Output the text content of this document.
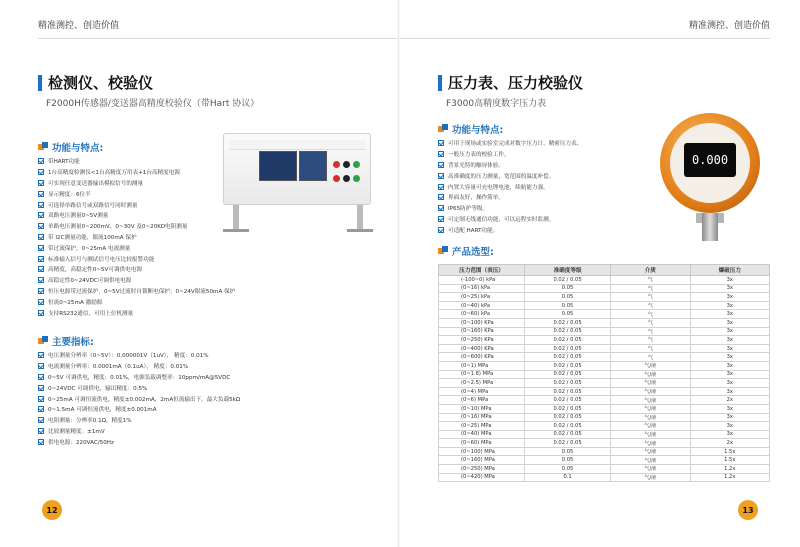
精准测控、创造价值
检测仪、校验仪
F2000H传感器/变送器高精度校验仪（带Hart 协议）
功能与特点:
带HART功能
1台高精度检测仪<1台高精度万用表+1台高精度电源
可实现任意变送器输出模拟信号的测量
显示精度：6位半
可选择单路信号或双路信号同时测量
双路电压测量0~5V测量
单路电压测量0~200mV、0~30V 及0~20KO电阻测量
带 I2C测量功能，限流100mA 保护
带过流保护，0~25mA 电流测量
标准输入信号与测试信号电压比较报警功能
高精度，高稳定性0~5V可调供电电源
高稳定性0~24VDC可调供电电源
恒压电源带过流保护，0~5V过流时自锁断电保护；0~24V限流50mA 保护
恒流0~25mA 激励源
支持RS232通信，可用上位机测量
主要指标:
电压测量分辨率（0~5V）：0.000001V（1uV）， 精度：0.01%
电流测量分辨率：0.0001mA（0.1uA）， 精度：0.01%
0~5V 可调供电，精度：0.01%，电源负载调整率：10ppm/mA@5VDC
0~24VDC 可调供电，输出精度：0.5%
0~25mA 可调恒流供电，精度±0.002mA，2mA恒流输出下，最大负载5kΩ
0~1.5mA 可调恒流供电，精度±0.001mA
电阻测量：分辨率0.1Ω，精度1%
比较测量精度：±1mV
供电电源：220VAC/50Hz
12
精准测控、创造价值
压力表、压力校验仪
F3000高精度数字压力表
功能与特点:
可用于现场或实验室完成对数字压力计、精密压力表、
一般压力表的校验工作。
背景光特的触屏体验。
高准确度的压力测量，宽范围的温度补偿。
内置大容量可充电锂电池，续航能力强。
界面友好，操作简单。
IP65防护等级。
可定制无线通信功能，可以远程实时监测。
可适配 HART功能。
0.000
产品选型:
压力范围（表压）	准确度等级	介质	爆破压力
(-100~0) kPa	0.02 / 0.05	气	3x
(0~16) kPa	0.05	气	3x
(0~25) kPa	0.05	气	3x
(0~40) kPa	0.05	气	3x
(0~60) kPa	0.05	气	3x
(0~100) KPa	0.02 / 0.05	气	3x
(0~160) KPa	0.02 / 0.05	气	3x
(0~250) KPa	0.02 / 0.05	气	3x
(0~400) KPa	0.02 / 0.05	气	3x
(0~600) KPa	0.02 / 0.05	气	3x
(0~1) MPa	0.02 / 0.05	气/液	3x
(0~1.6) MPa	0.02 / 0.05	气/液	3x
(0~2.5) MPa	0.02 / 0.05	气/液	3x
(0~4) MPa	0.02 / 0.05	气/液	3x
(0~6) MPa	0.02 / 0.05	气/液	2x
(0~10) MPa	0.02 / 0.05	气/液	3x
(0~16) MPa	0.02 / 0.05	气/液	3x
(0~25) MPa	0.02 / 0.05	气/液	3x
(0~40) MPa	0.02 / 0.05	气/液	3x
(0~60) MPa	0.02 / 0.05	气/液	2x
(0~100) MPa	0.05	气/液	1.5x
(0~160) MPa	0.05	气/液	1.5x
(0~250) MPa	0.05	气/液	1.2x
(0~420) MPa	0.1	气/液	1.2x
13
